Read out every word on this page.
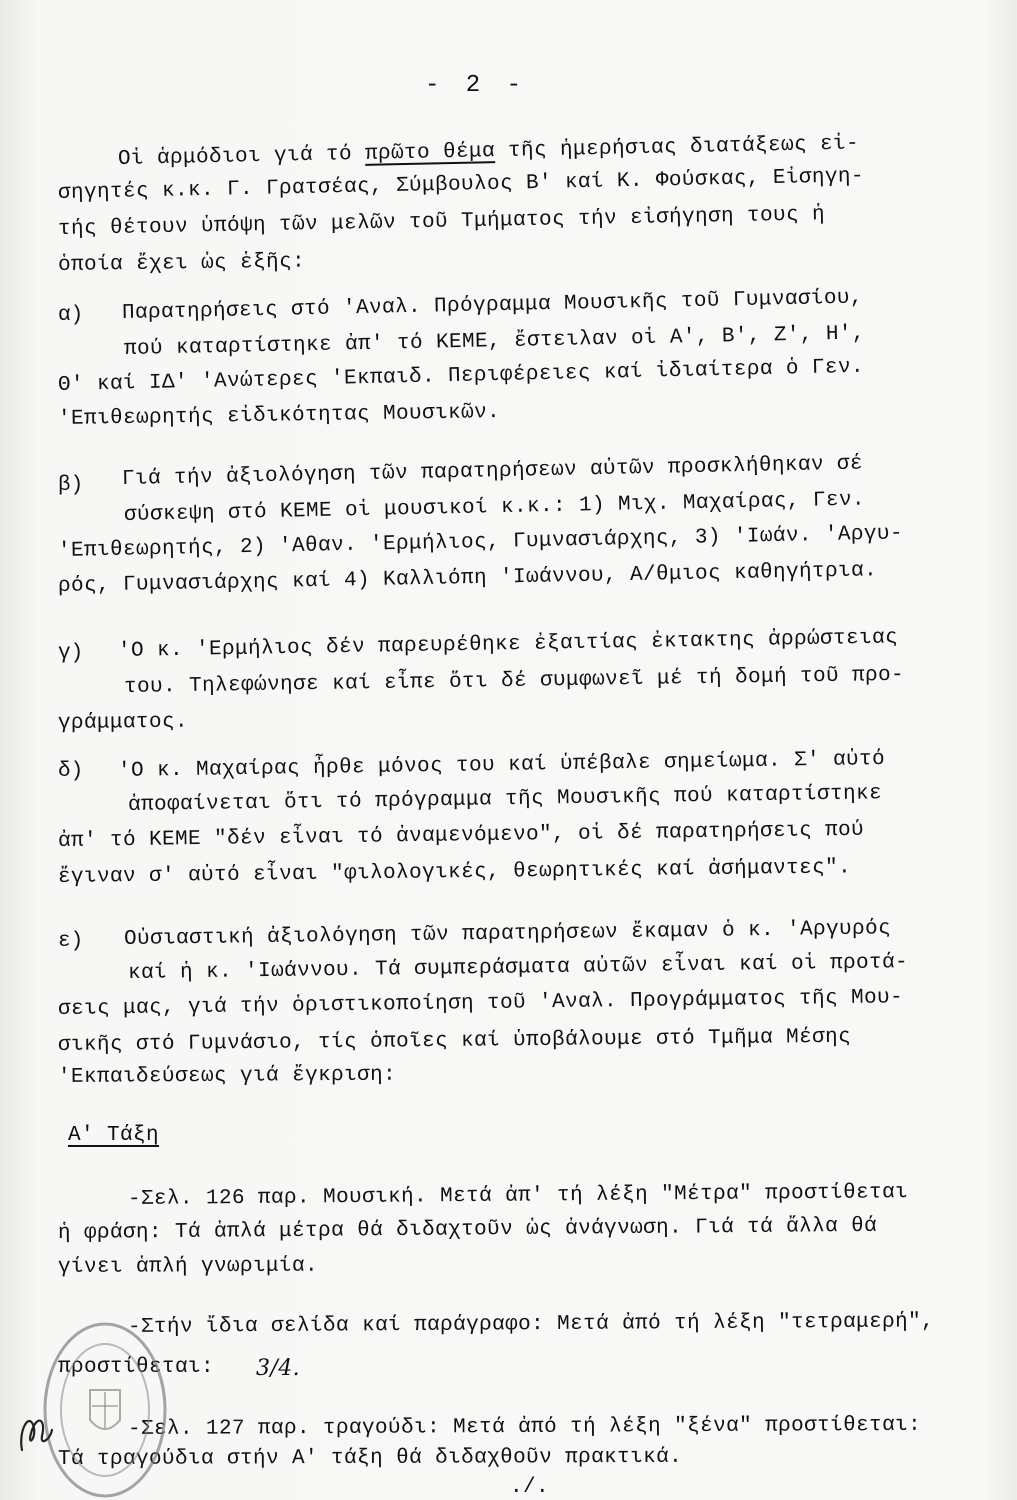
- 2 -
Οἱ ἁρμόδιοι γιά τό πρῶτο θέμα τῆς ἡμερήσιας διατάξεως εἰ-
σηγητές κ.κ. Γ. Γρατσέας, Σύμβουλος Β' καί Κ. Φούσκας, Εἰσηγη-
τής θέτουν ὑπόψη τῶν μελῶν τοῦ Τμήματος τήν εἰσήγηση τους ἡ
ὁποία ἔχει ὡς ἑξῆς:
α) Παρατηρήσεις στό 'Αναλ. Πρόγραμμα Μουσικῆς τοῦ Γυμνασίου,
πού καταρτίστηκε ἀπ' τό ΚΕΜΕ, ἔστειλαν οἱ Α', Β', Ζ', Η',
Θ' καί ΙΔ' 'Ανώτερες 'Εκπαιδ. Περιφέρειες καί ἰδιαίτερα ὁ Γεν.
'Επιθεωρητής εἰδικότητας Μουσικῶν.
β) Γιά τήν ἀξιολόγηση τῶν παρατηρήσεων αὐτῶν προσκλήθηκαν σέ
σύσκεψη στό ΚΕΜΕ οἱ μουσικοί κ.κ.: 1) Μιχ. Μαχαίρας, Γεν.
'Επιθεωρητής, 2) 'Αθαν. 'Ερμήλιος, Γυμνασιάρχης, 3) 'Ιωάν. 'Αργυ-
ρός, Γυμνασιάρχης καί 4) Καλλιόπη 'Ιωάννου, Α/θμιος καθηγήτρια.
γ) 'Ο κ. 'Ερμήλιος δέν παρευρέθηκε ἐξαιτίας ἐκτακτης ἀρρώστειας
του. Τηλεφώνησε καί εἶπε ὅτι δέ συμφωνεῖ μέ τή δομή τοῦ προ-
γράμματος.
δ) 'Ο κ. Μαχαίρας ἦρθε μόνος του καί ὑπέβαλε σημείωμα. Σ' αὐτό
ἀποφαίνεται ὅτι τό πρόγραμμα τῆς Μουσικῆς πού καταρτίστηκε
ἀπ' τό ΚΕΜΕ "δέν εἶναι τό ἀναμενόμενο", οἱ δέ παρατηρήσεις πού
ἔγιναν σ' αὐτό εἶναι "φιλολογικές, θεωρητικές καί ἀσήμαντες".
ε) Οὐσιαστική ἀξιολόγηση τῶν παρατηρήσεων ἔκαμαν ὁ κ. 'Αργυρός
καί ἡ κ. 'Ιωάννου. Τά συμπεράσματα αὐτῶν εἶναι καί οἱ προτά-
σεις μας, γιά τήν ὁριστικοποίηση τοῦ 'Αναλ. Προγράμματος τῆς Μου-
σικῆς στό Γυμνάσιο, τίς ὁποῖες καί ὑποβάλουμε στό Τμῆμα Μέσης
'Εκπαιδεύσεως γιά ἔγκριση:
Α' Τάξη
-Σελ. 126 παρ. Μουσική. Μετά ἀπ' τή λέξη "Μέτρα" προστίθεται
ἡ φράση: Τά ἁπλά μέτρα θά διδαχτοῦν ὡς ἀνάγνωση. Γιά τά ἄλλα θά
γίνει ἁπλή γνωριμία.
-Στήν ἴδια σελίδα καί παράγραφο: Μετά ἀπό τή λέξη "τετραμερή",
προστίθεται: 3/4.
-Σελ. 127 παρ. τραγούδι: Μετά ἀπό τή λέξη "ξένα" προστίθεται:
Τά τραγούδια στήν Α' τάξη θά διδαχθοῦν πρακτικά.
./.
